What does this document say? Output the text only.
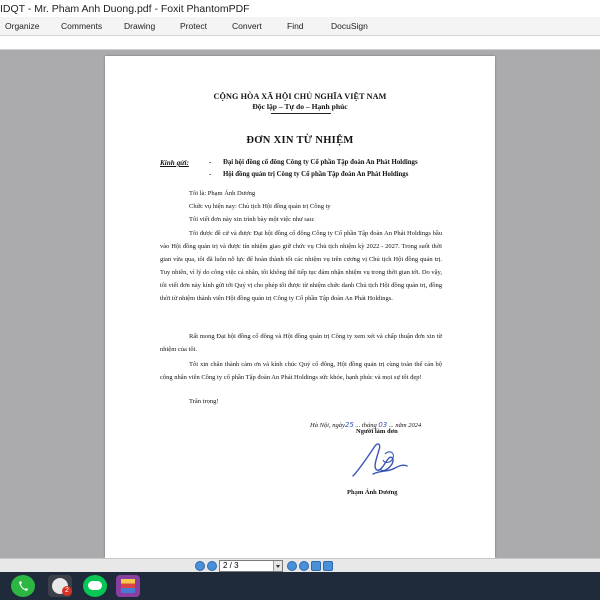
IDQT - Mr. Pham Anh Duong.pdf - Foxit PhantomPDF
Organize	Comments	Drawing	Protect	Convert	Find	DocuSign
CỘNG HÒA XÃ HỘI CHỦ NGHĨA VIỆT NAM
Độc lập – Tự do – Hạnh phúc
ĐƠN XIN TỪ NHIỆM
Kính gửi:	- Đại hội đồng cổ đông Công ty Cổ phần Tập đoàn An Phát Holdings
- Hội đồng quản trị Công ty Cổ phần Tập đoàn An Phát Holdings
Tôi là: Phạm Ánh Dương
Chức vụ hiện nay: Chủ tịch Hội đồng quản trị Công ty
Tôi viết đơn này xin trình bày một việc như sau:
Tôi được đề cử và được Đại hội đồng cổ đông Công ty Cổ phần Tập đoàn An Phát Holdings bầu vào Hội đồng quản trị và được tín nhiệm giao giữ chức vụ Chủ tịch nhiệm kỳ 2022 - 2027. Trong suốt thời gian vừa qua, tôi đã luôn nỗ lực để hoàn thành tốt các nhiệm vụ trên cương vị Chủ tịch Hội đồng quản trị. Tuy nhiên, vì lý do công việc cá nhân, tôi không thể tiếp tục đảm nhận nhiệm vụ trong thời gian tới. Do vậy, tôi viết đơn này kính gửi tới Quý vị cho phép tôi được từ nhiệm chức danh Chủ tịch Hội đồng quản trị, đồng thời từ nhiệm thành viên Hội đồng quản trị Công ty Cổ phần Tập đoàn An Phát Holdings.
Rất mong Đại hội đồng cổ đông và Hội đồng quản trị Công ty xem xét và chấp thuận đơn xin từ nhiệm của tôi.
Tôi xin chân thành cảm ơn và kính chúc Quý cổ đông, Hội đồng quản trị cùng toàn thể cán bộ công nhân viên Công ty cổ phần Tập đoàn An Phát Holdings sức khỏe, hạnh phúc và mọi sự tốt đẹp!
Trân trọng!
Hà Nội, ngày25 ... tháng 03 ... năm 2024
Người làm đơn
Phạm Ánh Dương
2 / 3
2
